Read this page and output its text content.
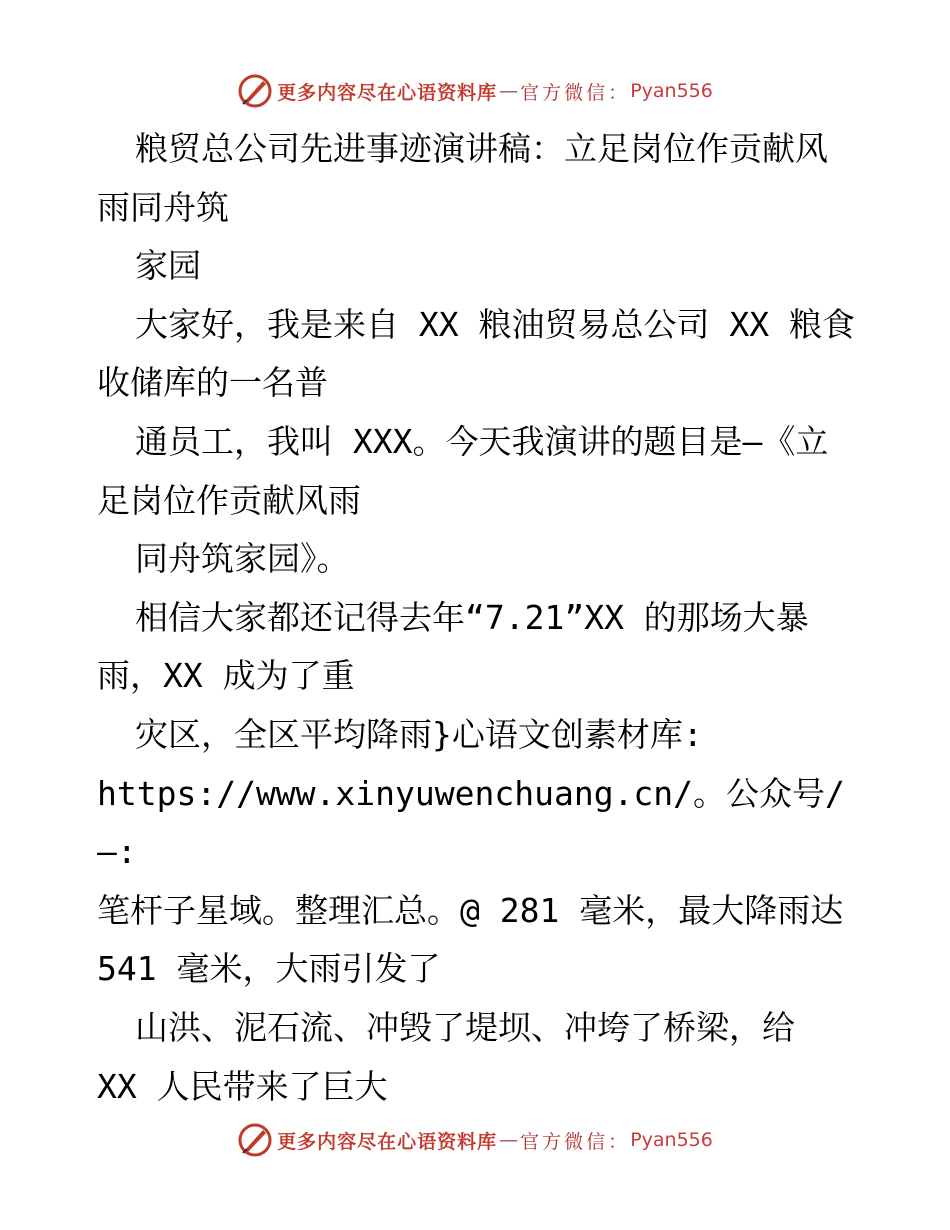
更多内容尽在心语资料库 — 官方微信： Pyan556
粮贸总公司先进事迹演讲稿：立足岗位作贡献风
雨同舟筑
家园
大家好，我是来自 XX 粮油贸易总公司 XX 粮食
收储库的一名普
通员工，我叫 XXX。今天我演讲的题目是—《立
足岗位作贡献风雨
同舟筑家园》。
相信大家都还记得去年“7.21”XX 的那场大暴
雨，XX 成为了重
灾区，全区平均降雨}心语文创素材库:
https://www.xinyuwenchuang.cn/。公众号/—:
笔杆子星域。整理汇总。@ 281 毫米，最大降雨达
541 毫米，大雨引发了
山洪、泥石流、冲毁了堤坝、冲垮了桥梁，给
XX 人民带来了巨大
更多内容尽在心语资料库 — 官方微信： Pyan556
